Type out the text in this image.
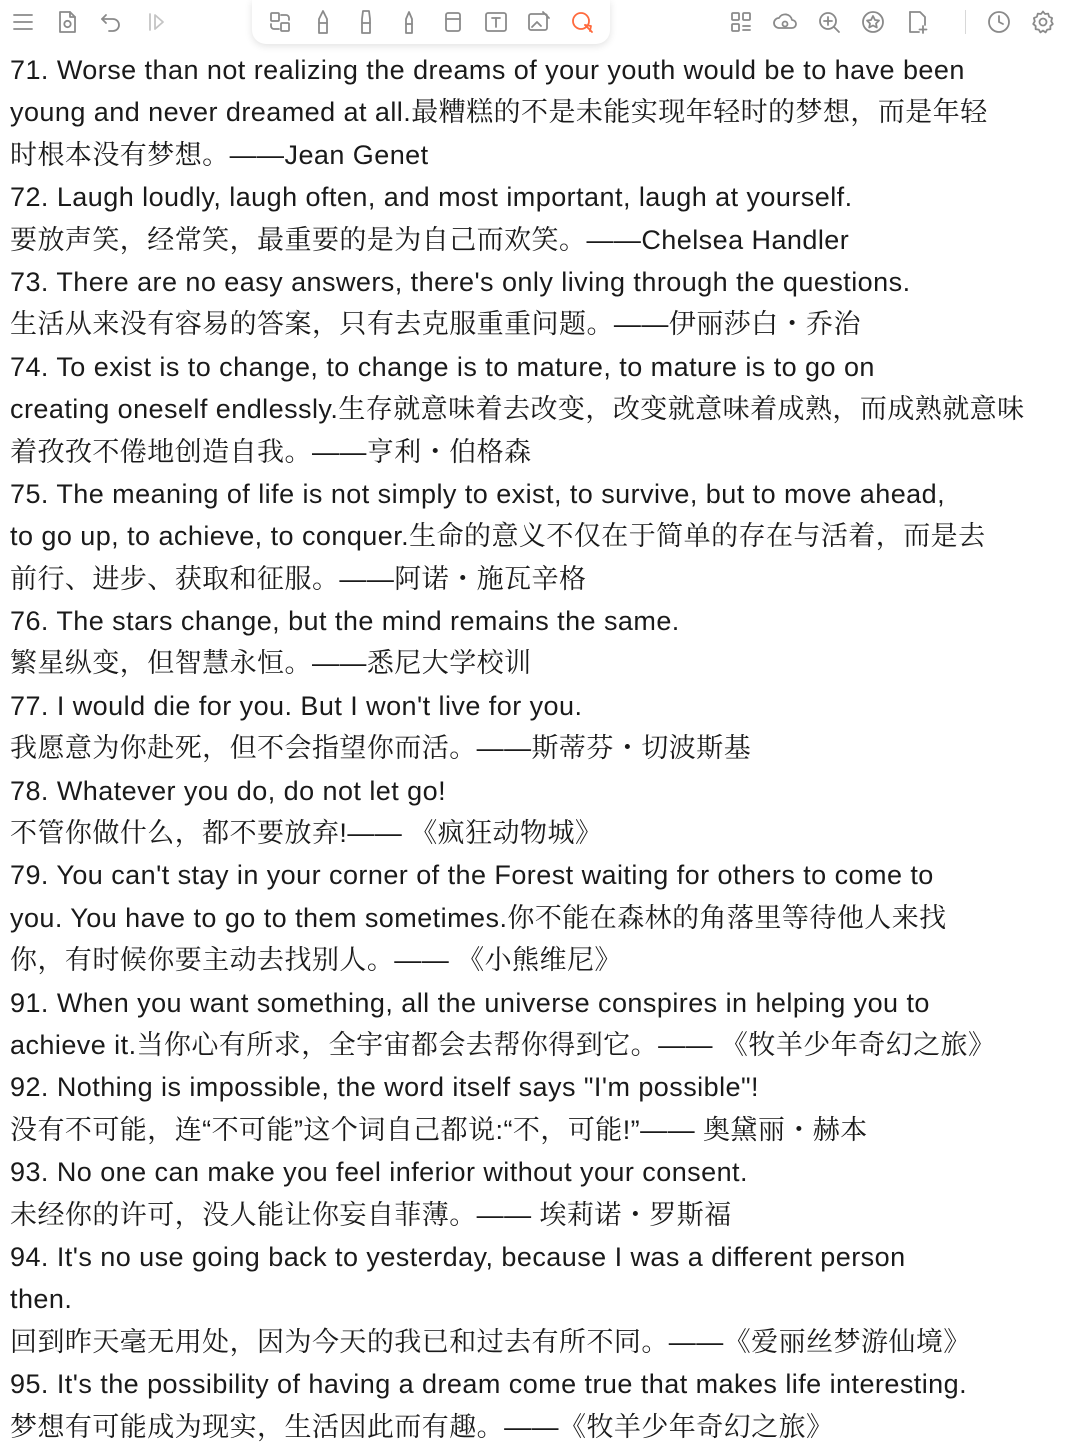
71. Worse than not realizing the dreams of your youth would be to have been
young and never dreamed at all.最糟糕的不是未能实现年轻时的梦想，而是年轻
时根本没有梦想。——Jean Genet
72. Laugh loudly, laugh often, and most important, laugh at yourself.
要放声笑，经常笑，最重要的是为自己而欢笑。——Chelsea Handler
73. There are no easy answers, there's only living through the questions.
生活从来没有容易的答案，只有去克服重重问题。——伊丽莎白・乔治
74. To exist is to change, to change is to mature, to mature is to go on
creating oneself endlessly.生存就意味着去改变，改变就意味着成熟，而成熟就意味
着孜孜不倦地创造自我。——亨利・伯格森
75. The meaning of life is not simply to exist, to survive, but to move ahead,
to go up, to achieve, to conquer.生命的意义不仅在于简单的存在与活着，而是去
前行、进步、获取和征服。——阿诺・施瓦辛格
76. The stars change, but the mind remains the same.
繁星纵变，但智慧永恒。——悉尼大学校训
77. I would die for you. But I won't live for you.
我愿意为你赴死，但不会指望你而活。——斯蒂芬・切波斯基
78. Whatever you do, do not let go!
不管你做什么，都不要放弃!—— 《疯狂动物城》
79. You can't stay in your corner of the Forest waiting for others to come to
you. You have to go to them sometimes.你不能在森林的角落里等待他人来找
你，有时候你要主动去找别人。—— 《小熊维尼》
91. When you want something, all the universe conspires in helping you to
achieve it.当你心有所求，全宇宙都会去帮你得到它。—— 《牧羊少年奇幻之旅》
92. Nothing is impossible, the word itself says "I'm possible"!
没有不可能，连“不可能”这个词自己都说:“不，可能!”—— 奥黛丽・赫本
93. No one can make you feel inferior without your consent.
未经你的许可，没人能让你妄自菲薄。—— 埃莉诺・罗斯福
94. It's no use going back to yesterday, because I was a different person
then.
回到昨天毫无用处，因为今天的我已和过去有所不同。——《爱丽丝梦游仙境》
95. It's the possibility of having a dream come true that makes life interesting.
梦想有可能成为现实，生活因此而有趣。——《牧羊少年奇幻之旅》
